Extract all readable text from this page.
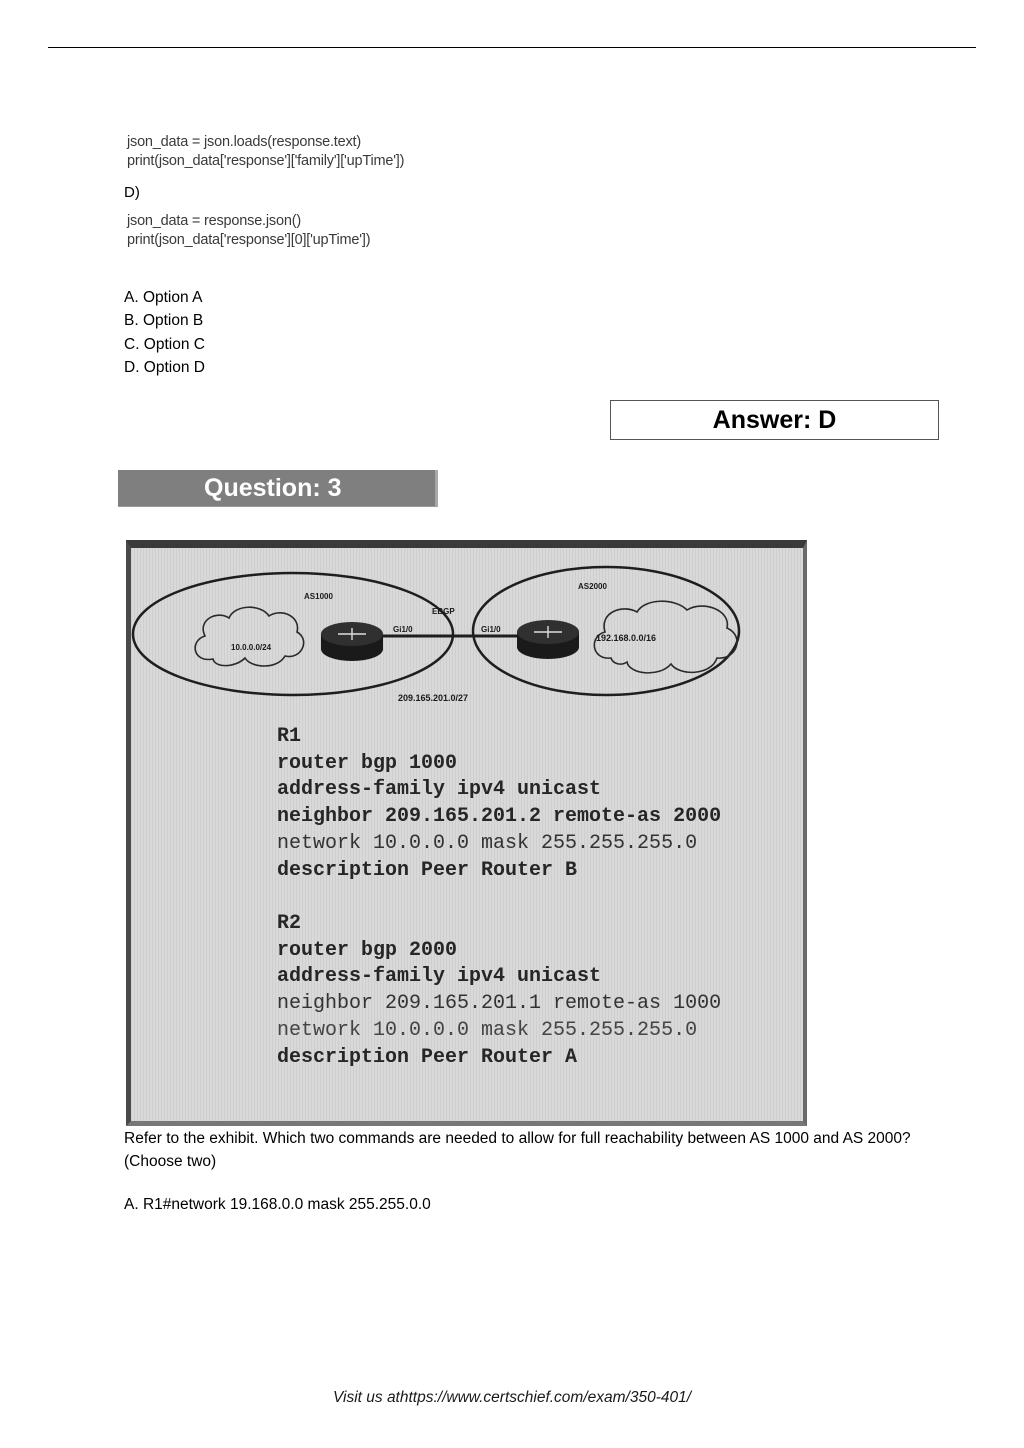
json_data = json.loads(response.text)
print(json_data['response']['family']['upTime'])
D)
json_data = response.json()
print(json_data['response'][0]['upTime'])
A. Option A
B. Option B
C. Option C
D. Option D
Answer: D
Question: 3
AS1000
AS2000
EBGP
Gi1/0	Gi1/0
10.0.0.0/24
192.168.0.0/16
209.165.201.0/27
R1
router bgp 1000
address-family ipv4 unicast
neighbor 209.165.201.2 remote-as 2000
network 10.0.0.0 mask 255.255.255.0
description Peer Router B
R2
router bgp 2000
address-family ipv4 unicast
neighbor 209.165.201.1 remote-as 1000
network 10.0.0.0 mask 255.255.255.0
description Peer Router A
Refer to the exhibit. Which two commands are needed to allow for full reachability between AS 1000 and AS 2000? (Choose two)
A. R1#network 19.168.0.0 mask 255.255.0.0
Visit us athttps://www.certschief.com/exam/350-401/
